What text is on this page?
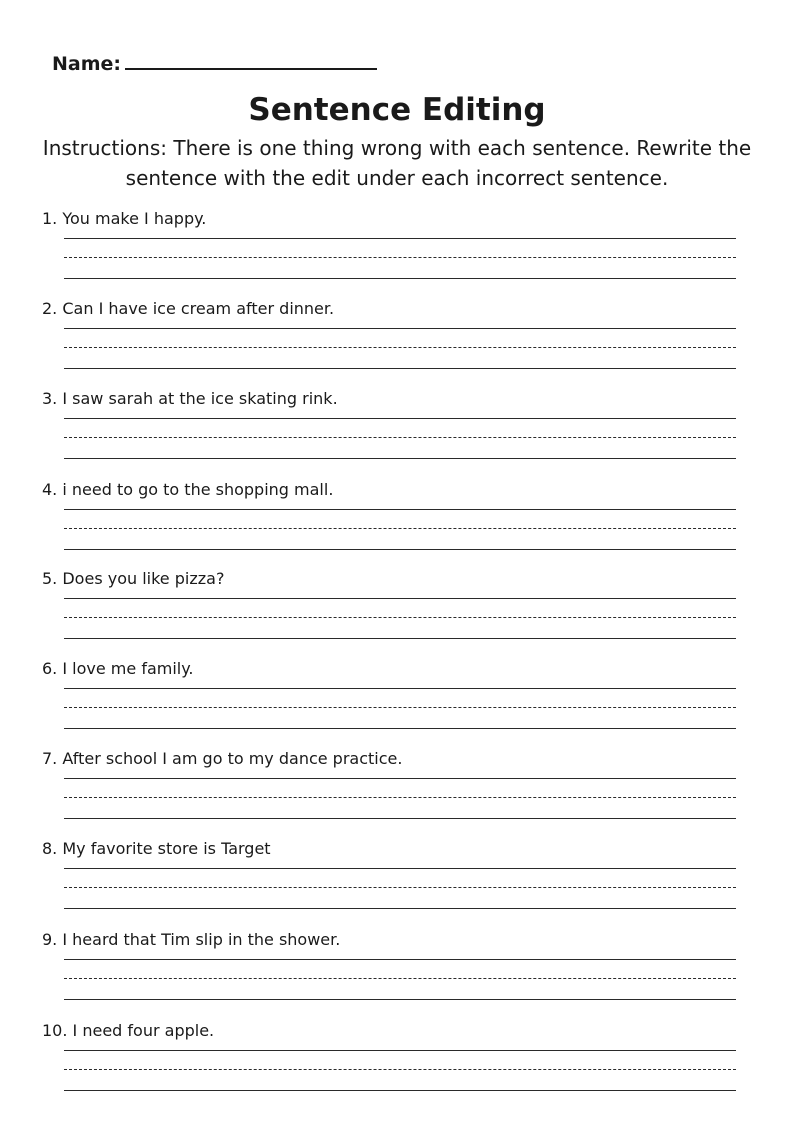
Name:
Sentence Editing

Instructions: There is one thing wrong with each sentence. Rewrite the sentence with the edit under each incorrect sentence.

1. You make I happy.
2. Can I have ice cream after dinner.
3. I saw sarah at the ice skating rink.
4. i need to go to the shopping mall.
5. Does you like pizza?
6. I love me family.
7. After school I am go to my dance practice.
8. My favorite store is Target
9. I heard that Tim slip in the shower.
10. I need four apple.
